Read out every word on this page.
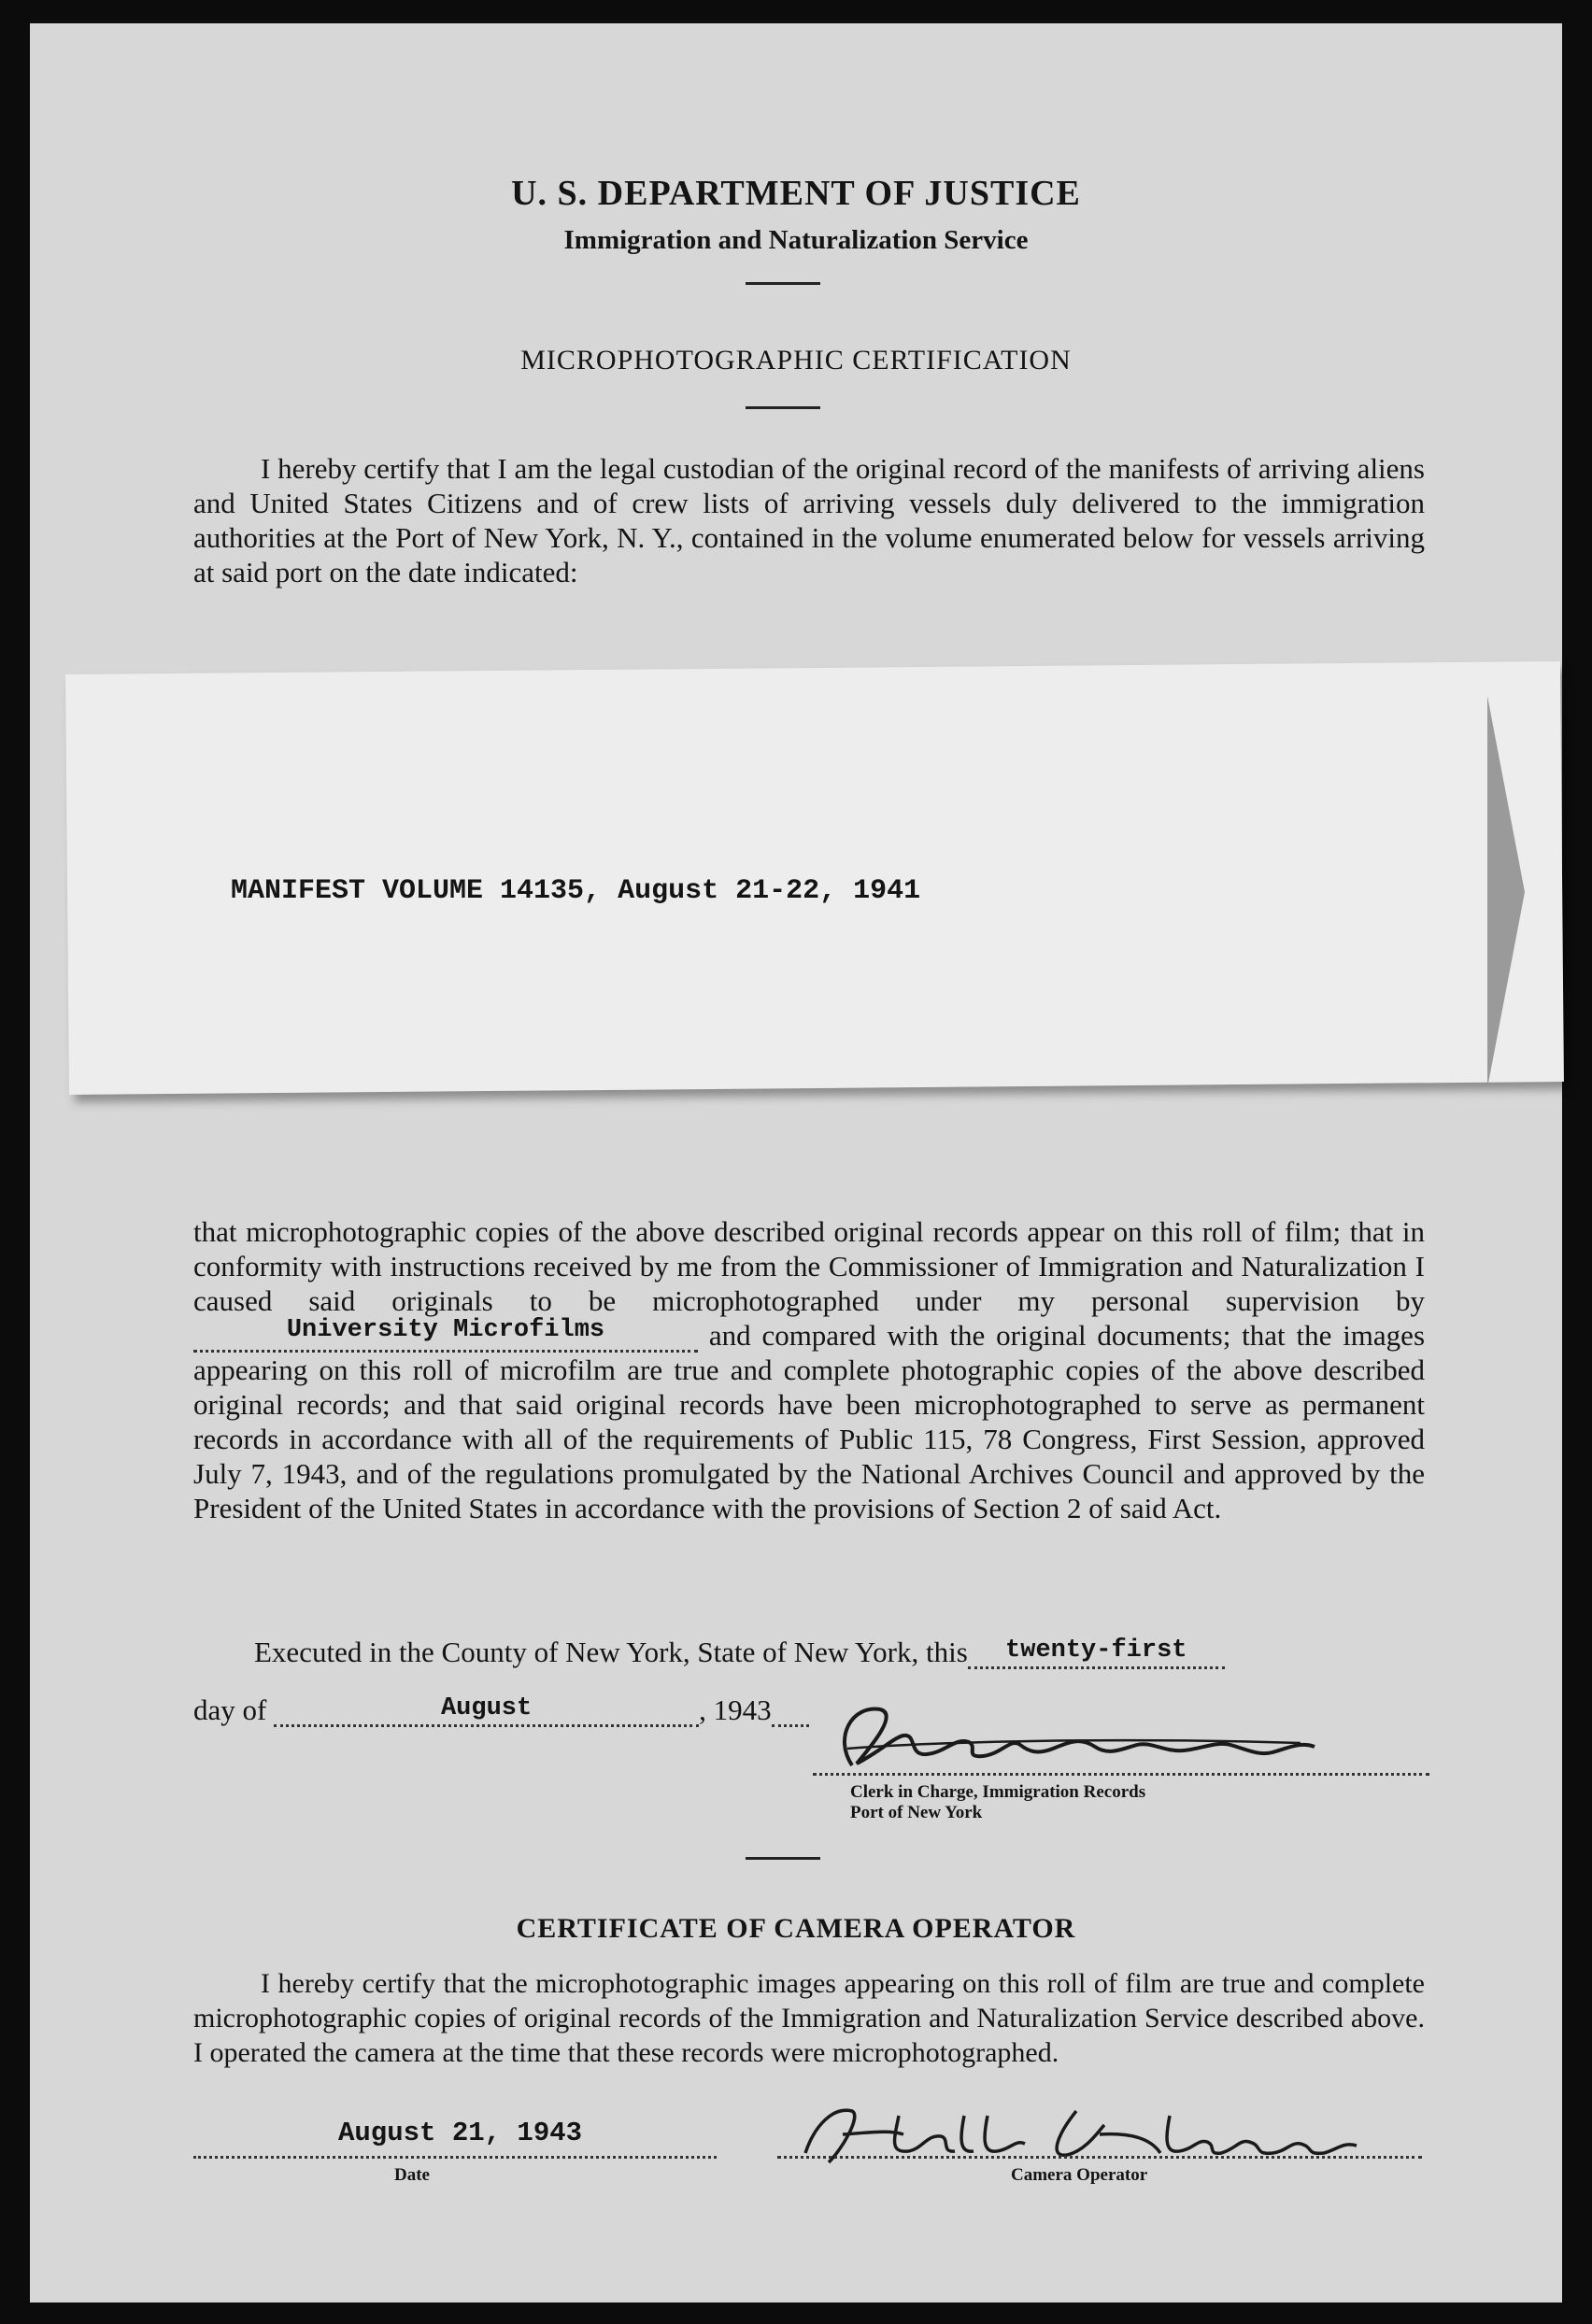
U. S. DEPARTMENT OF JUSTICE
Immigration and Naturalization Service
MICROPHOTOGRAPHIC CERTIFICATION
I hereby certify that I am the legal custodian of the original record of the manifests of arriving aliens and United States Citizens and of crew lists of arriving vessels duly delivered to the immigration authorities at the Port of New York, N. Y., contained in the volume enumerated below for vessels arriving at said port on the date indicated:
MANIFEST VOLUME 14135, August 21-22, 1941
that microphotographic copies of the above described original records appear on this roll of film; that in conformity with instructions received by me from the Commissioner of Immigration and Naturalization I caused said originals to be microphotographed under my personal supervision by
University Microfilms	and compared with the original documents; that the images appearing on this roll of microfilm are true and complete photographic copies of the above described original records; and that said original records have been microphotographed to serve as permanent records in accordance with all of the requirements of Public 115, 78 Congress, First Session, approved July 7, 1943, and of the regulations promulgated by the National Archives Council and approved by the President of the United States in accordance with the provisions of Section 2 of said Act.
Executed in the County of New York, State of New York, this	twenty-first
day of	August	, 1943	Geo Baeau
Clerk in Charge, Immigration Records
Port of New York
CERTIFICATE OF CAMERA OPERATOR
I hereby certify that the microphotographic images appearing on this roll of film are true and complete microphotographic copies of original records of the Immigration and Naturalization Service described above. I operated the camera at the time that these records were microphotographed.
August 21, 1943
Date
Hallah Alexander
Camera Operator
